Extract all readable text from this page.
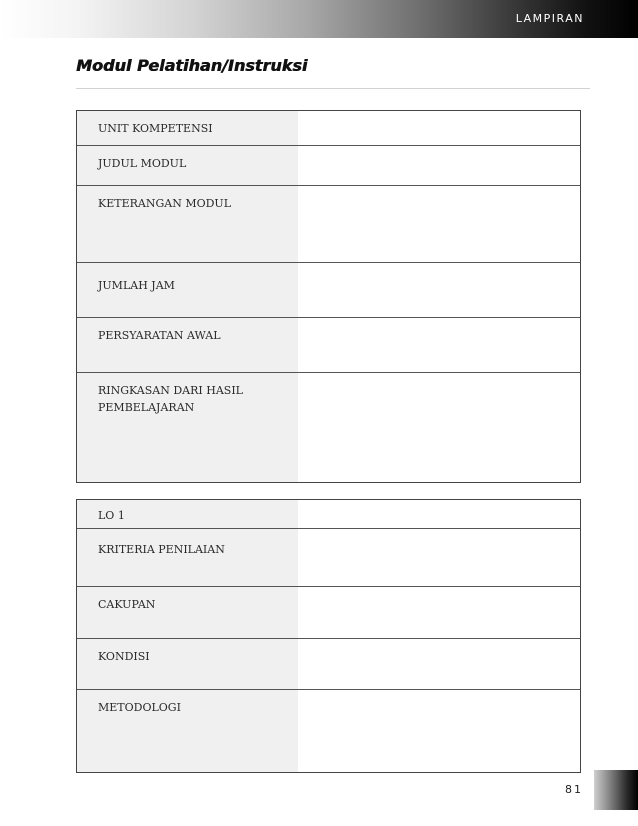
LAMPIRAN
Modul Pelatihan/Instruksi
UNIT KOMPETENSI
JUDUL MODUL
KETERANGAN MODUL
JUMLAH JAM
PERSYARATAN AWAL
RINGKASAN DARI HASIL PEMBELAJARAN
LO 1
KRITERIA PENILAIAN
CAKUPAN
KONDISI
METODOLOGI
81
